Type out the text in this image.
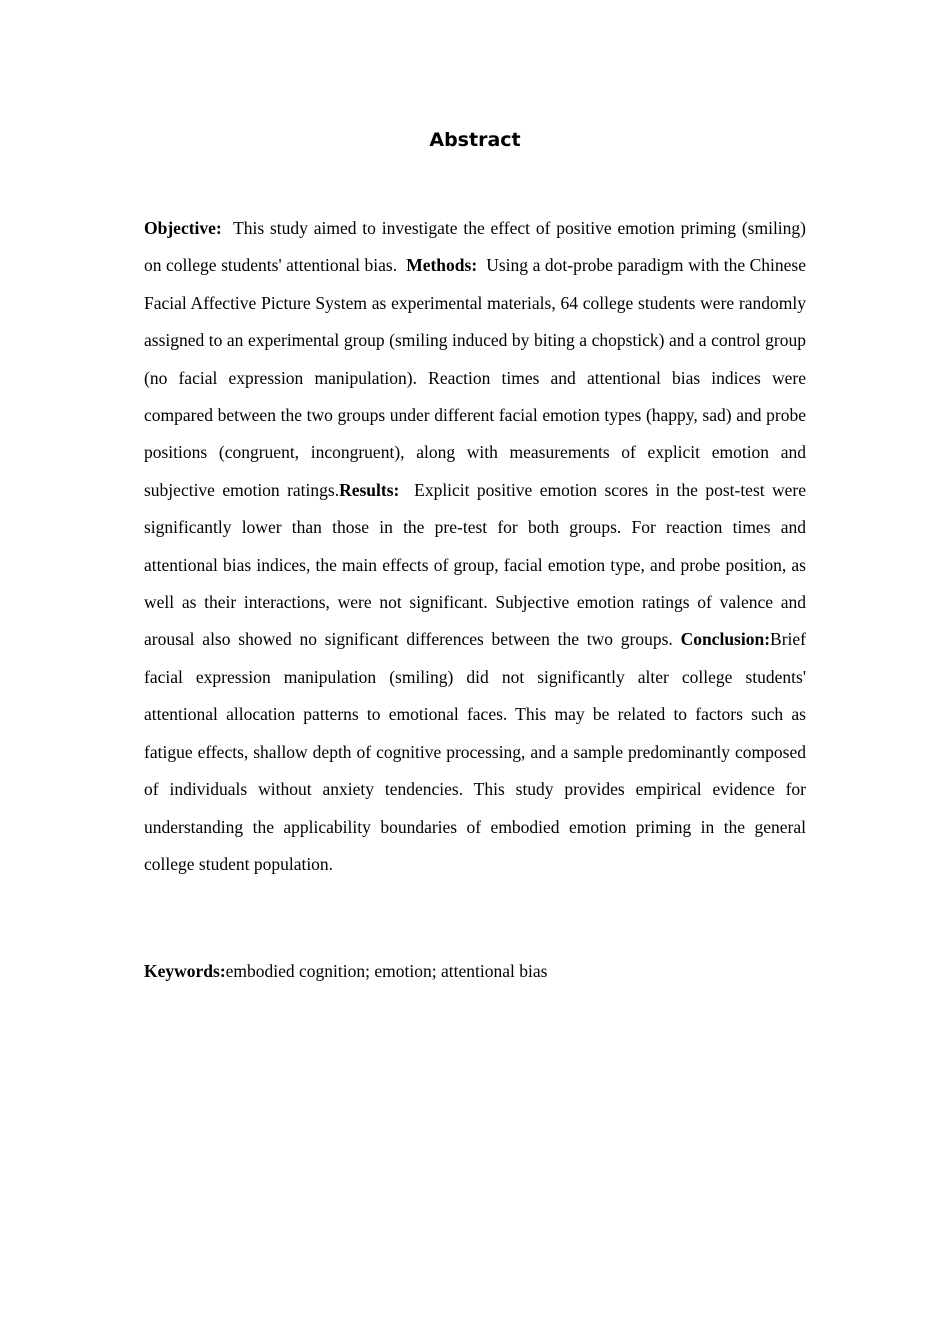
Abstract

Objective: This study aimed to investigate the effect of positive emotion priming (smiling) on college students' attentional bias. Methods: Using a dot-probe paradigm with the Chinese Facial Affective Picture System as experimental materials, 64 college students were randomly assigned to an experimental group (smiling induced by biting a chopstick) and a control group (no facial expression manipulation). Reaction times and attentional bias indices were compared between the two groups under different facial emotion types (happy, sad) and probe positions (congruent, incongruent), along with measurements of explicit emotion and subjective emotion ratings.Results: Explicit positive emotion scores in the post-test were significantly lower than those in the pre-test for both groups. For reaction times and attentional bias indices, the main effects of group, facial emotion type, and probe position, as well as their interactions, were not significant. Subjective emotion ratings of valence and arousal also showed no significant differences between the two groups. Conclusion:Brief facial expression manipulation (smiling) did not significantly alter college students' attentional allocation patterns to emotional faces. This may be related to factors such as fatigue effects, shallow depth of cognitive processing, and a sample predominantly composed of individuals without anxiety tendencies. This study provides empirical evidence for understanding the applicability boundaries of embodied emotion priming in the general college student population.

Keywords:embodied cognition; emotion; attentional bias
